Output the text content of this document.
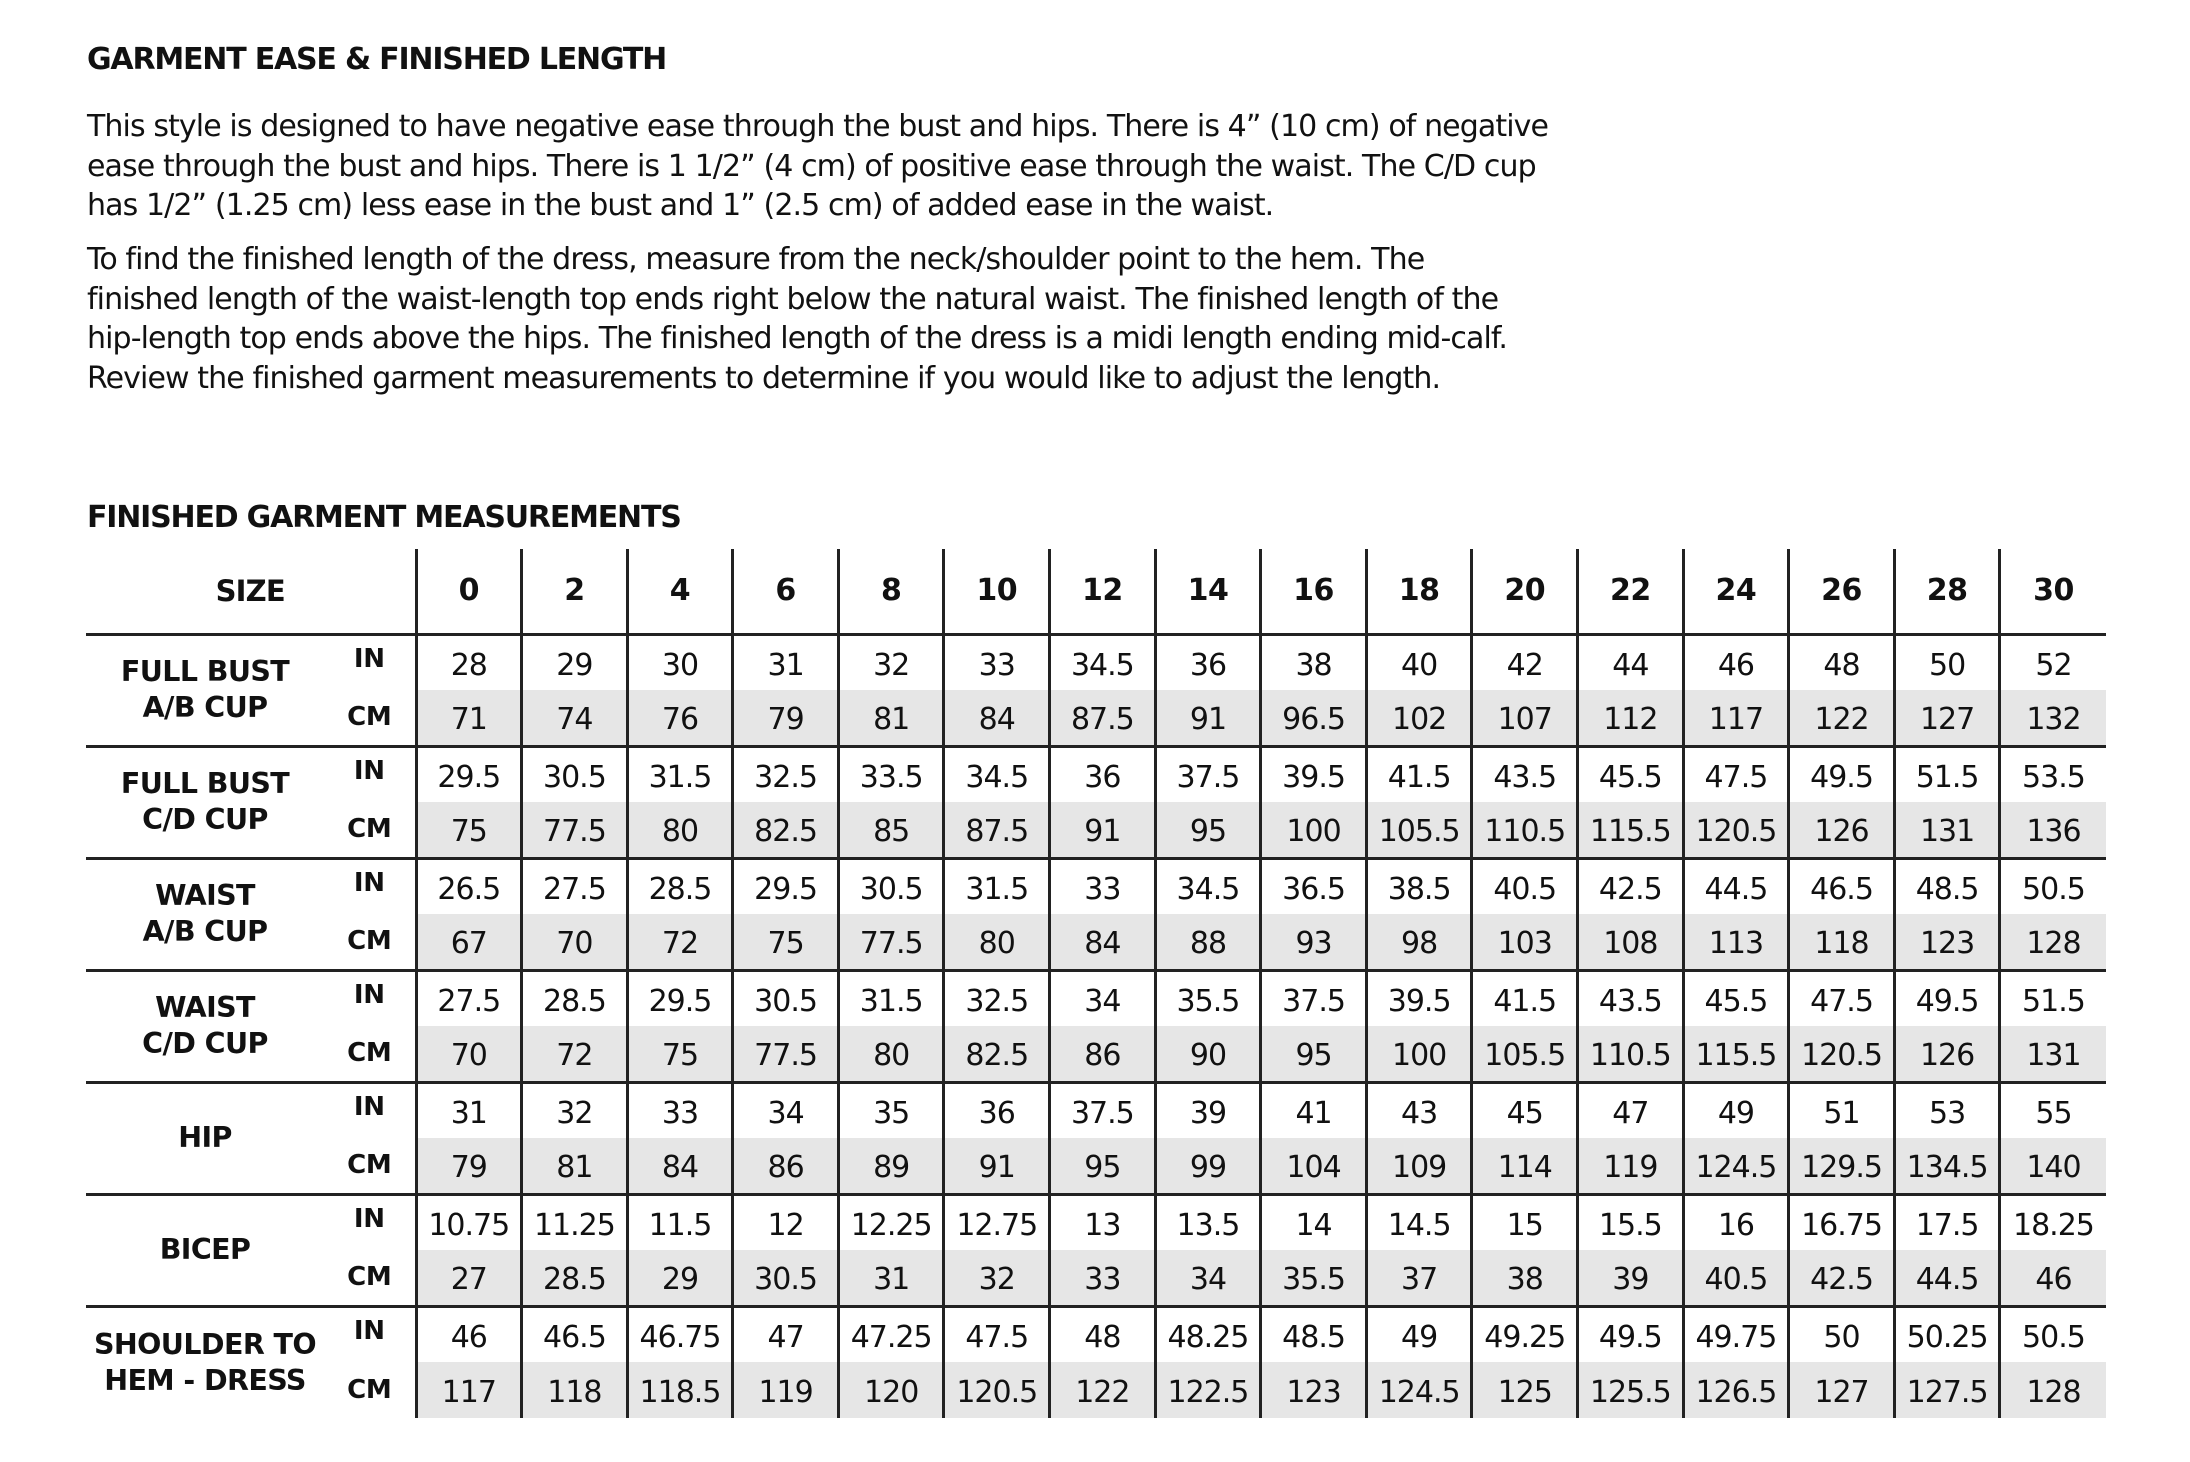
GARMENT EASE & FINISHED LENGTH

This style is designed to have negative ease through the bust and hips. There is 4” (10 cm) of negative
ease through the bust and hips. There is 1 1/2” (4 cm) of positive ease through the waist. The C/D cup
has 1/2” (1.25 cm) less ease in the bust and 1” (2.5 cm) of added ease in the waist.

To find the finished length of the dress, measure from the neck/shoulder point to the hem. The
finished length of the waist-length top ends right below the natural waist. The finished length of the
hip-length top ends above the hips. The finished length of the dress is a midi length ending mid-calf.
Review the finished garment measurements to determine if you would like to adjust the length.

FINISHED GARMENT MEASUREMENTS
SIZE		0	2	4	6	8	10	12	14	16	18	20	22	24	26	28	30

FULL BUST
A/B CUP	IN	28	29	30	31	32	33	34.5	36	38	40	42	44	46	48	50	52
	CM	71	74	76	79	81	84	87.5	91	96.5	102	107	112	117	122	127	132

FULL BUST
C/D CUP	IN	29.5	30.5	31.5	32.5	33.5	34.5	36	37.5	39.5	41.5	43.5	45.5	47.5	49.5	51.5	53.5
	CM	75	77.5	80	82.5	85	87.5	91	95	100	105.5	110.5	115.5	120.5	126	131	136

WAIST
A/B CUP	IN	26.5	27.5	28.5	29.5	30.5	31.5	33	34.5	36.5	38.5	40.5	42.5	44.5	46.5	48.5	50.5
	CM	67	70	72	75	77.5	80	84	88	93	98	103	108	113	118	123	128

WAIST
C/D CUP	IN	27.5	28.5	29.5	30.5	31.5	32.5	34	35.5	37.5	39.5	41.5	43.5	45.5	47.5	49.5	51.5
	CM	70	72	75	77.5	80	82.5	86	90	95	100	105.5	110.5	115.5	120.5	126	131

HIP	IN	31	32	33	34	35	36	37.5	39	41	43	45	47	49	51	53	55
	CM	79	81	84	86	89	91	95	99	104	109	114	119	124.5	129.5	134.5	140

BICEP	IN	10.75	11.25	11.5	12	12.25	12.75	13	13.5	14	14.5	15	15.5	16	16.75	17.5	18.25
	CM	27	28.5	29	30.5	31	32	33	34	35.5	37	38	39	40.5	42.5	44.5	46

SHOULDER TO
HEM - DRESS	IN	46	46.5	46.75	47	47.25	47.5	48	48.25	48.5	49	49.25	49.5	49.75	50	50.25	50.5
	CM	117	118	118.5	119	120	120.5	122	122.5	123	124.5	125	125.5	126.5	127	127.5	128
